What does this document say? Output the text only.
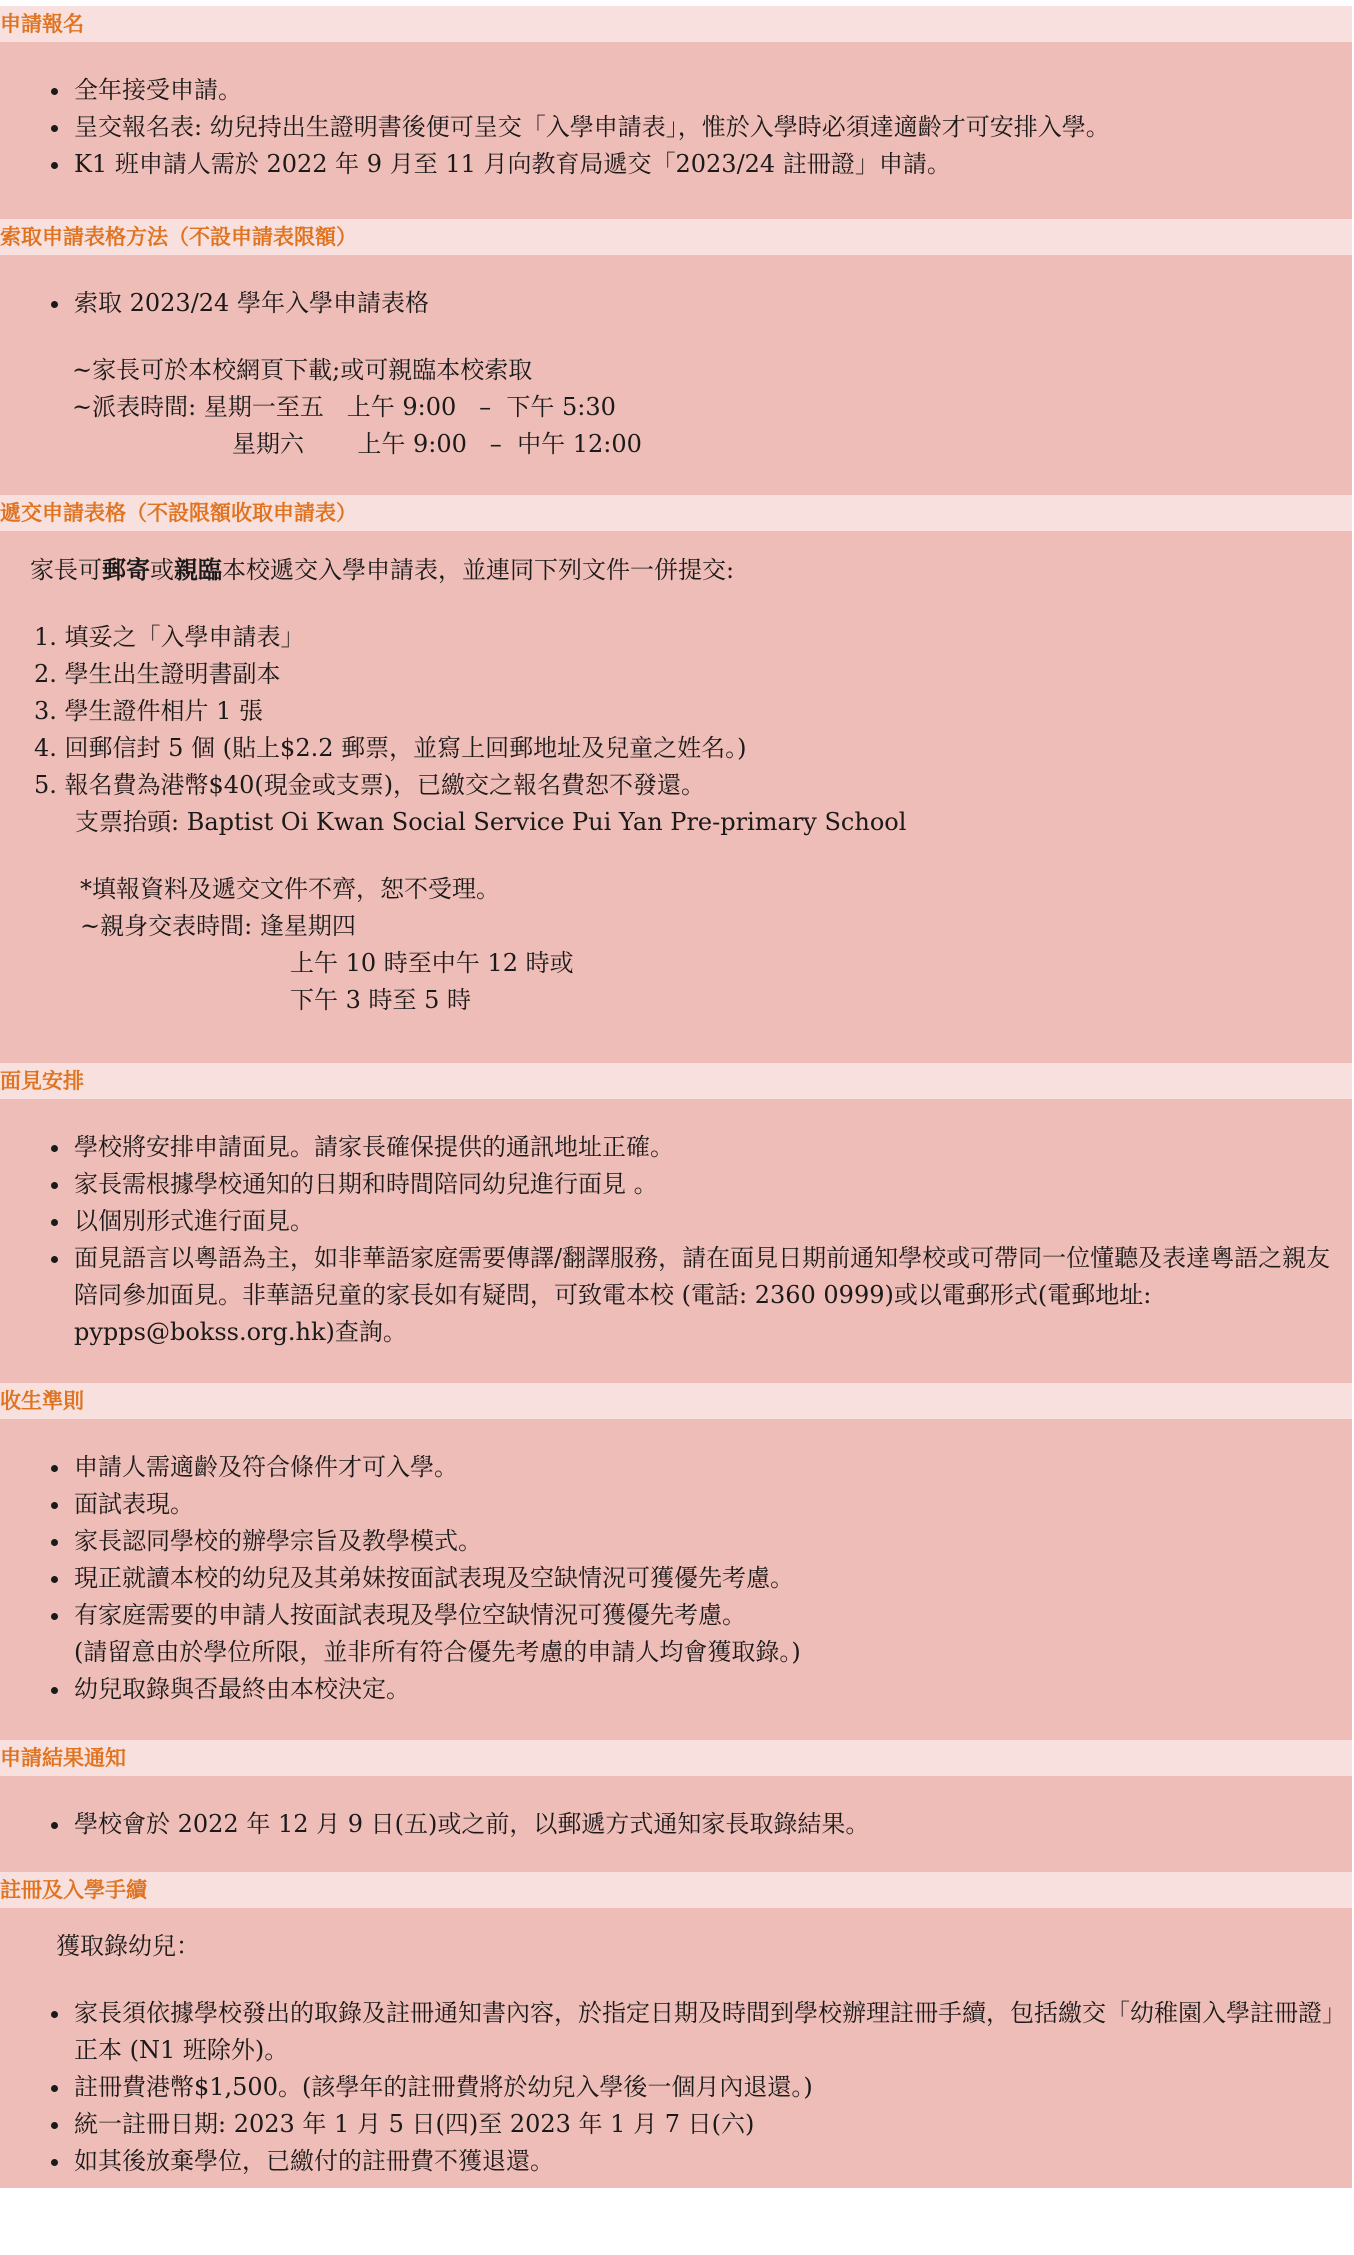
申請報名
• 全年接受申請。
• 呈交報名表: 幼兒持出生證明書後便可呈交「入學申請表」，惟於入學時必須達適齡才可安排入學。
• K1 班申請人需於 2022 年 9 月至 11 月向教育局遞交「2023/24 註冊證」申請。
索取申請表格方法（不設申請表限額）
• 索取 2023/24 學年入學申請表格
~家長可於本校網頁下載;或可親臨本校索取
~派表時間: 星期一至五   上午 9:00   –  下午 5:30
星期六       上午 9:00   –  中午 12:00
遞交申請表格（不設限額收取申請表）
家長可郵寄或親臨本校遞交入學申請表，並連同下列文件一併提交:
1. 填妥之「入學申請表」
2. 學生出生證明書副本
3. 學生證件相片 1 張
4. 回郵信封 5 個 (貼上$2.2 郵票，並寫上回郵地址及兒童之姓名。)
5. 報名費為港幣$40(現金或支票)，已繳交之報名費恕不發還。
支票抬頭: Baptist Oi Kwan Social Service Pui Yan Pre-primary School
*填報資料及遞交文件不齊，恕不受理。
~親身交表時間: 逢星期四
上午 10 時至中午 12 時或
下午 3 時至 5 時
面見安排
• 學校將安排申請面見。請家長確保提供的通訊地址正確。
• 家長需根據學校通知的日期和時間陪同幼兒進行面見 。
• 以個別形式進行面見。
• 面見語言以粵語為主，如非華語家庭需要傳譯/翻譯服務，請在面見日期前通知學校或可帶同一位懂聽及表達粵語之親友陪同參加面見。非華語兒童的家長如有疑問，可致電本校 (電話: 2360 0999)或以電郵形式(電郵地址: pypps@bokss.org.hk)查詢。
收生準則
• 申請人需適齡及符合條件才可入學。
• 面試表現。
• 家長認同學校的辦學宗旨及教學模式。
• 現正就讀本校的幼兒及其弟妹按面試表現及空缺情況可獲優先考慮。
• 有家庭需要的申請人按面試表現及學位空缺情況可獲優先考慮。
(請留意由於學位所限，並非所有符合優先考慮的申請人均會獲取錄。)
• 幼兒取錄與否最終由本校決定。
申請結果通知
• 學校會於 2022 年 12 月 9 日(五)或之前，以郵遞方式通知家長取錄結果。
註冊及入學手續
獲取錄幼兒：
• 家長須依據學校發出的取錄及註冊通知書內容，於指定日期及時間到學校辦理註冊手續，包括繳交「幼稚園入學註冊證」正本 (N1 班除外)。
• 註冊費港幣$1,500。(該學年的註冊費將於幼兒入學後一個月內退還。)
• 統一註冊日期: 2023 年 1 月 5 日(四)至 2023 年 1 月 7 日(六)
• 如其後放棄學位，已繳付的註冊費不獲退還。
